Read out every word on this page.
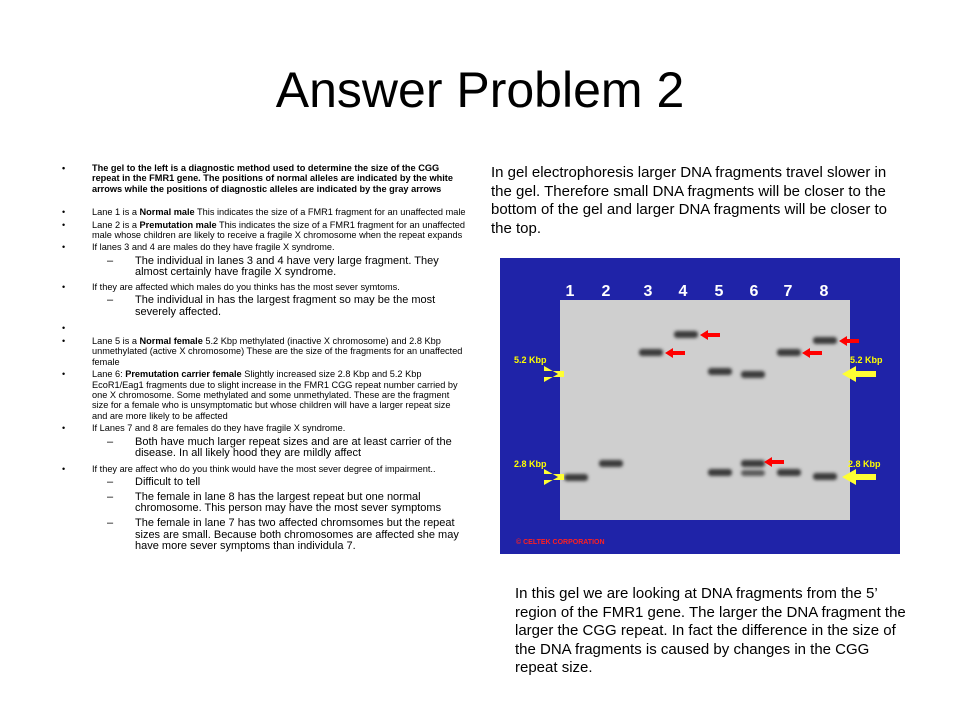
Answer Problem 2
• The gel to the left is a diagnostic method used to determine the size of the CGG repeat in the FMR1 gene. The positions of normal alleles are indicated by the white arrows while the positions of diagnostic alleles are indicated by the gray arrows
• Lane 1 is a Normal male This indicates the size of a FMR1 fragment for an unaffected male
• Lane 2 is a Premutation male This indicates the size of a FMR1 fragment for an unaffected male whose children are likely to receive a fragile X chromosome when the repeat expands
• If lanes 3 and 4 are males do they have fragile X syndrome.
– The individual in lanes 3 and 4 have very large fragment. They almost certainly have fragile X syndrome.
• If they are affected which males do you thinks has the most sever symtoms.
– The individual in has the largest fragment so may be the most severely affected.
•
• Lane 5 is a Normal female 5.2 Kbp methylated (inactive X chromosome) and 2.8 Kbp unmethylated (active X chromosome) These are the size of the fragments for an unaffected female
• Lane 6: Premutation carrier female Slightly increased size 2.8 Kbp and 5.2 Kbp EcoR1/Eag1 fragments due to slight increase in the FMR1 CGG repeat number carried by one X chromosome. Some methylated and some unmethylated. These are the fragment size for a female who is unsymptomatic but whose children will have a larger repeat size and are more likely to be affected
• If Lanes 7 and 8 are females do they have fragile X syndrome.
– Both have much larger repeat sizes and are at least carrier of the disease. In all likely hood they are mildly affect
• If they are affect who do you think would have the most sever degree of impairment..
– Difficult to tell
– The female in lane 8 has the largest repeat but one normal chromosome. This person may have the most sever symptoms
– The female in lane 7 has two affected chromsomes but the repeat sizes are small. Because both chromosomes are affected she may have more sever symptoms than individula 7.

In gel electrophoresis larger DNA fragments travel slower in the gel. Therefore small DNA fragments will be closer to the bottom of the gel and larger DNA fragments will be closer to the top.

1 2 3 4 5 6 7 8
5.2 Kbp
2.8 Kbp
5.2 Kbp
2.8 Kbp
© CELTEK CORPORATION

In this gel we are looking at DNA fragments from the 5’ region of the FMR1 gene. The larger the DNA fragment the larger the CGG repeat. In fact the difference in the size of the DNA fragments is caused by changes in the CGG repeat size.
